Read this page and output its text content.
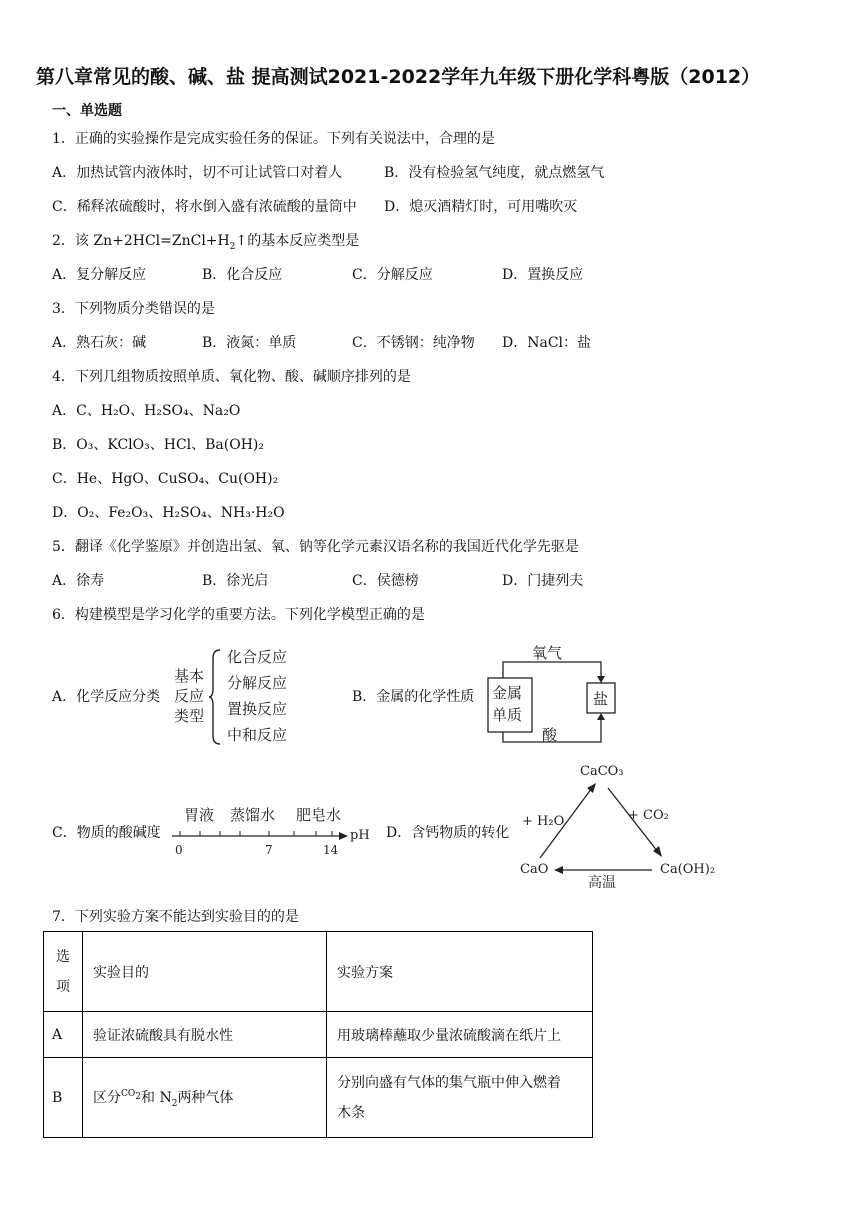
第八章常见的酸、碱、盐 提高测试2021-2022学年九年级下册化学科粤版（2012）
一、单选题
1．正确的实验操作是完成实验任务的保证。下列有关说法中，合理的是
A．加热试管内液体时，切不可让试管口对着人	B．没有检验氢气纯度，就点燃氢气
C．稀释浓硫酸时，将水倒入盛有浓硫酸的量筒中 D．熄灭酒精灯时，可用嘴吹灭
2．该 $Zn+2HCl=ZnCl+H_2↑$的基本反应类型是
A．复分解反应	B．化合反应	C．分解反应	D．置换反应
3．下列物质分类错误的是
A．熟石灰：碱	B．液氮：单质	C．不锈钢：纯净物 D．NaCl：盐
4．下列几组物质按照单质、氧化物、酸、碱顺序排列的是
A．C、H₂O、H₂SO₄、Na₂O
B．O₃、KClO₃、HCl、Ba(OH)₂
C．He、HgO、CuSO₄、Cu(OH)₂
D．O₂、Fe₂O₃、H₂SO₄、NH₃·H₂O
5．翻译《化学鉴原》并创造出氢、氧、钠等化学元素汉语名称的我国近代化学先驱是
A．徐寿	B．徐光启	C．侯德榜	D．门捷列夫
6．构建模型是学习化学的重要方法。下列化学模型正确的是
A．化学反应分类
基本
反应
类型
化合反应
分解反应
置换反应
中和反应
B．金属的化学性质
氧气
金属
单质
盐
酸
C．物质的酸碱度
胃液 蒸馏水 肥皂水
0	7	14
pH D．含钙物质的转化
CaCO₃
CaO	Ca(OH)₂
+ H₂O	+ CO₂
高温
7．下列实验方案不能达到实验目的的是
选
项	实验目的	实验方案
A	验证浓硫酸具有脱水性	用玻璃棒蘸取少量浓硫酸滴在纸片上
B	区分$^{CO_2}$和 $N_2$两种气体	分别向盛有气体的集气瓶中伸入燃着
木条
